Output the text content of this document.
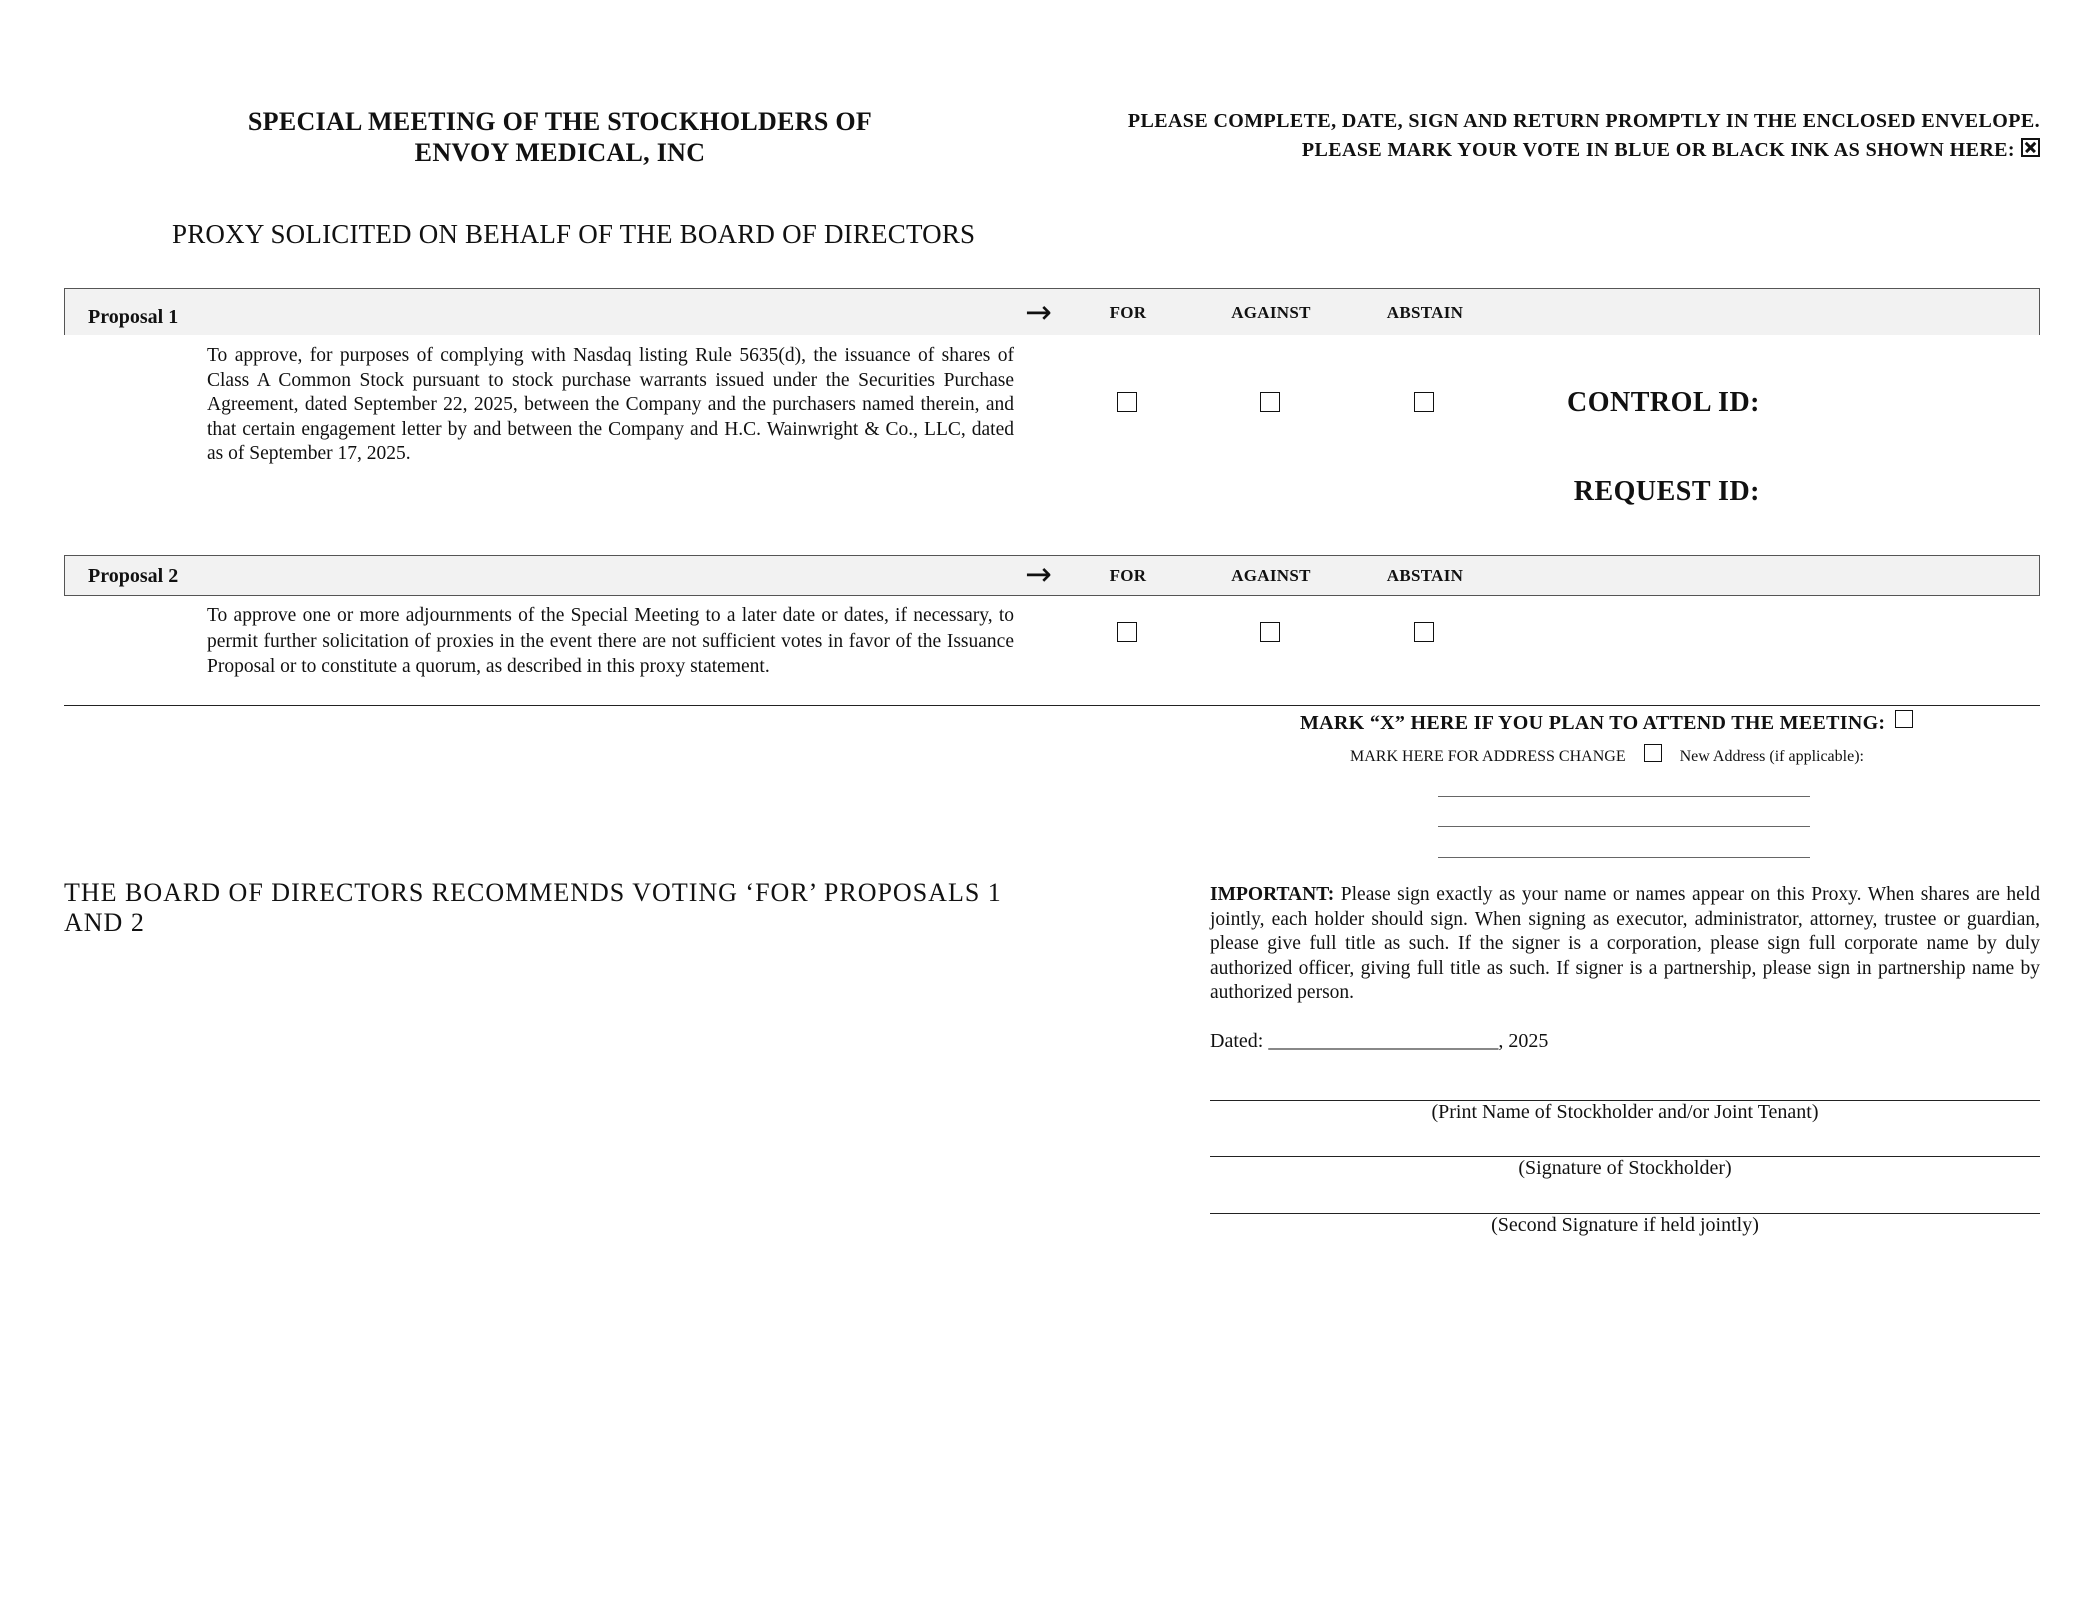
SPECIAL MEETING OF THE STOCKHOLDERS OF
ENVOY MEDICAL, INC
PLEASE COMPLETE, DATE, SIGN AND RETURN PROMPTLY IN THE ENCLOSED ENVELOPE.
PLEASE MARK YOUR VOTE IN BLUE OR BLACK INK AS SHOWN HERE:
PROXY SOLICITED ON BEHALF OF THE BOARD OF DIRECTORS
Proposal 1	→	FOR	AGAINST	ABSTAIN
To approve, for purposes of complying with Nasdaq listing Rule 5635(d), the issuance of shares of Class A Common Stock pursuant to stock purchase warrants issued under the Securities Purchase Agreement, dated September 22, 2025, between the Company and the purchasers named therein, and that certain engagement letter by and between the Company and H.C. Wainwright & Co., LLC, dated as of September 17, 2025.
CONTROL ID:
REQUEST ID:
Proposal 2	→	FOR	AGAINST	ABSTAIN
To approve one or more adjournments of the Special Meeting to a later date or dates, if necessary, to permit further solicitation of proxies in the event there are not sufficient votes in favor of the Issuance Proposal or to constitute a quorum, as described in this proxy statement.
MARK “X” HERE IF YOU PLAN TO ATTEND THE MEETING:
MARK HERE FOR ADDRESS CHANGE	New Address (if applicable):
THE BOARD OF DIRECTORS RECOMMENDS VOTING ‘FOR’ PROPOSALS 1 AND 2
IMPORTANT: Please sign exactly as your name or names appear on this Proxy. When shares are held jointly, each holder should sign. When signing as executor, administrator, attorney, trustee or guardian, please give full title as such. If the signer is a corporation, please sign full corporate name by duly authorized officer, giving full title as such. If signer is a partnership, please sign in partnership name by authorized person.
Dated: _______________________, 2025
(Print Name of Stockholder and/or Joint Tenant)
(Signature of Stockholder)
(Second Signature if held jointly)
